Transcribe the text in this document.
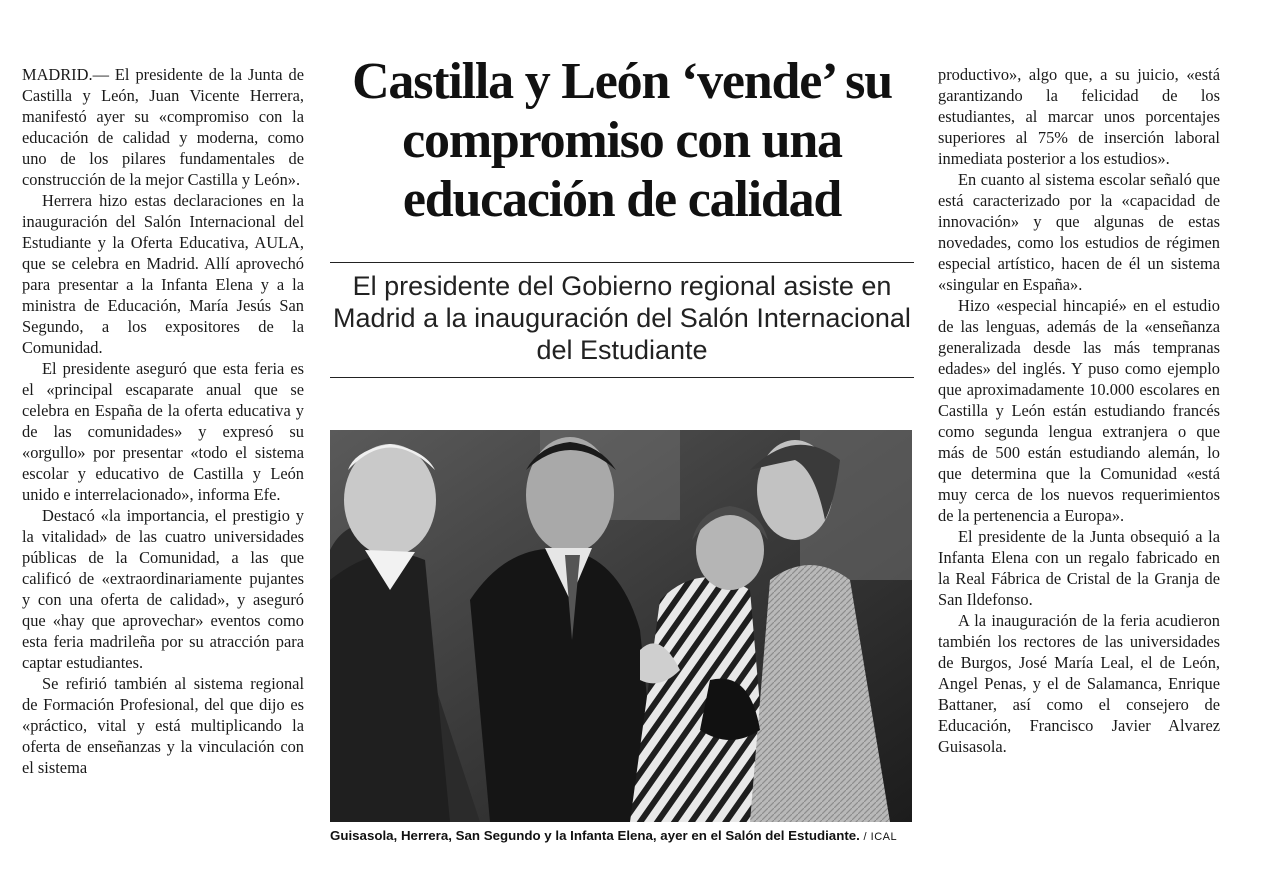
MADRID.— El presidente de la Junta de Castilla y León, Juan Vicente Herrera, manifestó ayer su «compromiso con la educación de calidad y moderna, como uno de los pilares fundamentales de construcción de la mejor Castilla y León».

Herrera hizo estas declaraciones en la inauguración del Salón Internacional del Estudiante y la Oferta Educativa, AULA, que se celebra en Madrid. Allí aprovechó para presentar a la Infanta Elena y a la ministra de Educación, María Jesús San Segundo, a los expositores de la Comunidad.

El presidente aseguró que esta feria es el «principal escaparate anual que se celebra en España de la oferta educativa y de las comunidades» y expresó su «orgullo» por presentar «todo el sistema escolar y educativo de Castilla y León unido e interrelacionado», informa Efe.

Destacó «la importancia, el prestigio y la vitalidad» de las cuatro universidades públicas de la Comunidad, a las que calificó de «extraordinariamente pujantes y con una oferta de calidad», y aseguró que «hay que aprovechar» eventos como esta feria madrileña por su atracción para captar estudiantes.

Se refirió también al sistema regional de Formación Profesional, del que dijo es «práctico, vital y está multiplicando la oferta de enseñanzas y la vinculación con el sistema

Castilla y León ‘vende’ su compromiso con una educación de calidad

El presidente del Gobierno regional asiste en Madrid a la inauguración del Salón Internacional del Estudiante

Guisasola, Herrera, San Segundo y la Infanta Elena, ayer en el Salón del Estudiante. / ICAL

productivo», algo que, a su juicio, «está garantizando la felicidad de los estudiantes, al marcar unos porcentajes superiores al 75% de inserción laboral inmediata posterior a los estudios».

En cuanto al sistema escolar señaló que está caracterizado por la «capacidad de innovación» y que algunas de estas novedades, como los estudios de régimen especial artístico, hacen de él un sistema «singular en España».

Hizo «especial hincapié» en el estudio de las lenguas, además de la «enseñanza generalizada desde las más tempranas edades» del inglés. Y puso como ejemplo que aproximadamente 10.000 escolares en Castilla y León están estudiando francés como segunda lengua extranjera o que más de 500 están estudiando alemán, lo que determina que la Comunidad «está muy cerca de los nuevos requerimientos de la pertenencia a Europa».

El presidente de la Junta obsequió a la Infanta Elena con un regalo fabricado en la Real Fábrica de Cristal de la Granja de San Ildefonso.

A la inauguración de la feria acudieron también los rectores de las universidades de Burgos, José María Leal, el de León, Angel Penas, y el de Salamanca, Enrique Battaner, así como el consejero de Educación, Francisco Javier Alvarez Guisasola.
